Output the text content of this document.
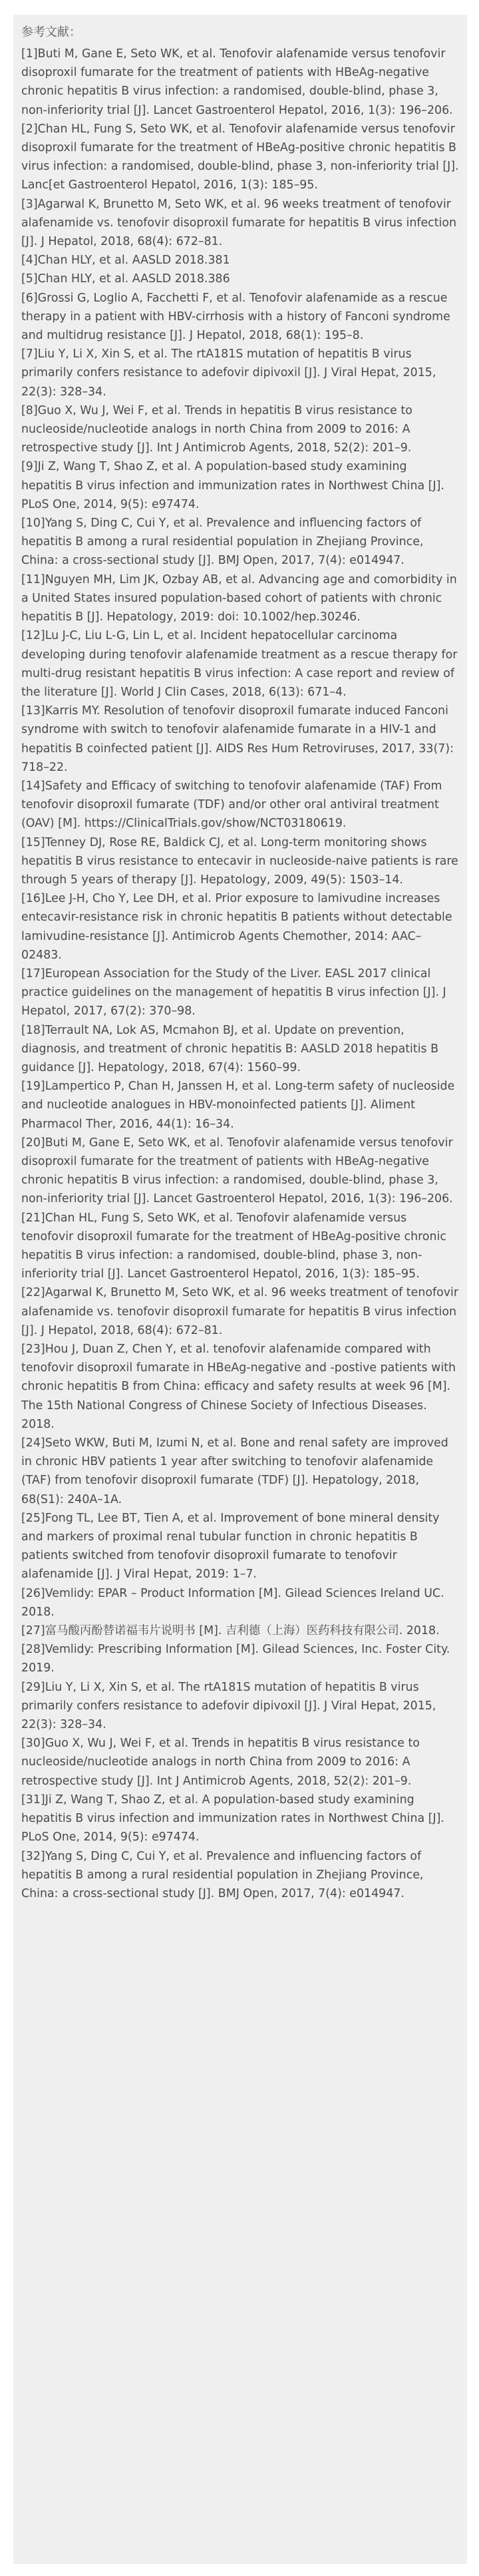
参考文献：
[1]Buti M, Gane E, Seto WK, et al. Tenofovir alafenamide versus tenofovir disoproxil fumarate for the treatment of patients with HBeAg-negative chronic hepatitis B virus infection: a randomised, double-blind, phase 3, non-inferiority trial [J]. Lancet Gastroenterol Hepatol, 2016, 1(3): 196–206.
[2]Chan HL, Fung S, Seto WK, et al. Tenofovir alafenamide versus tenofovir disoproxil fumarate for the treatment of HBeAg-positive chronic hepatitis B virus infection: a randomised, double-blind, phase 3, non-inferiority trial [J]. Lanc[et Gastroenterol Hepatol, 2016, 1(3): 185–95.
[3]Agarwal K, Brunetto M, Seto WK, et al. 96 weeks treatment of tenofovir alafenamide vs. tenofovir disoproxil fumarate for hepatitis B virus infection [J]. J Hepatol, 2018, 68(4): 672–81.
[4]Chan HLY, et al. AASLD 2018.381
[5]Chan HLY, et al. AASLD 2018.386
[6]Grossi G, Loglio A, Facchetti F, et al. Tenofovir alafenamide as a rescue therapy in a patient with HBV-cirrhosis with a history of Fanconi syndrome and multidrug resistance [J]. J Hepatol, 2018, 68(1): 195–8.
[7]Liu Y, Li X, Xin S, et al. The rtA181S mutation of hepatitis B virus primarily confers resistance to adefovir dipivoxil [J]. J Viral Hepat, 2015, 22(3): 328–34.
[8]Guo X, Wu J, Wei F, et al. Trends in hepatitis B virus resistance to nucleoside/nucleotide analogs in north China from 2009 to 2016: A retrospective study [J]. Int J Antimicrob Agents, 2018, 52(2): 201–9.
[9]Ji Z, Wang T, Shao Z, et al. A population-based study examining hepatitis B virus infection and immunization rates in Northwest China [J]. PLoS One, 2014, 9(5): e97474.
[10]Yang S, Ding C, Cui Y, et al. Prevalence and influencing factors of hepatitis B among a rural residential population in Zhejiang Province, China: a cross-sectional study [J]. BMJ Open, 2017, 7(4): e014947.
[11]Nguyen MH, Lim JK, Ozbay AB, et al. Advancing age and comorbidity in a United States insured population-based cohort of patients with chronic hepatitis B [J]. Hepatology, 2019: doi: 10.1002/hep.30246.
[12]Lu J-C, Liu L-G, Lin L, et al. Incident hepatocellular carcinoma developing during tenofovir alafenamide treatment as a rescue therapy for multi-drug resistant hepatitis B virus infection: A case report and review of the literature [J]. World J Clin Cases, 2018, 6(13): 671–4.
[13]Karris MY. Resolution of tenofovir disoproxil fumarate induced Fanconi syndrome with switch to tenofovir alafenamide fumarate in a HIV-1 and hepatitis B coinfected patient [J]. AIDS Res Hum Retroviruses, 2017, 33(7): 718–22.
[14]Safety and Efficacy of switching to tenofovir alafenamide (TAF) From tenofovir disoproxil fumarate (TDF) and/or other oral antiviral treatment (OAV) [M]. https://ClinicalTrials.gov/show/NCT03180619.
[15]Tenney DJ, Rose RE, Baldick CJ, et al. Long-term monitoring shows hepatitis B virus resistance to entecavir in nucleoside-naive patients is rare through 5 years of therapy [J]. Hepatology, 2009, 49(5): 1503–14.
[16]Lee J-H, Cho Y, Lee DH, et al. Prior exposure to lamivudine increases entecavir-resistance risk in chronic hepatitis B patients without detectable lamivudine-resistance [J]. Antimicrob Agents Chemother, 2014: AAC–02483.
[17]European Association for the Study of the Liver. EASL 2017 clinical practice guidelines on the management of hepatitis B virus infection [J]. J Hepatol, 2017, 67(2): 370–98.
[18]Terrault NA, Lok AS, Mcmahon BJ, et al. Update on prevention, diagnosis, and treatment of chronic hepatitis B: AASLD 2018 hepatitis B guidance [J]. Hepatology, 2018, 67(4): 1560–99.
[19]Lampertico P, Chan H, Janssen H, et al. Long-term safety of nucleoside and nucleotide analogues in HBV-monoinfected patients [J]. Aliment Pharmacol Ther, 2016, 44(1): 16–34.
[20]Buti M, Gane E, Seto WK, et al. Tenofovir alafenamide versus tenofovir disoproxil fumarate for the treatment of patients with HBeAg-negative chronic hepatitis B virus infection: a randomised, double-blind, phase 3, non-inferiority trial [J]. Lancet Gastroenterol Hepatol, 2016, 1(3): 196–206.
[21]Chan HL, Fung S, Seto WK, et al. Tenofovir alafenamide versus tenofovir disoproxil fumarate for the treatment of HBeAg-positive chronic hepatitis B virus infection: a randomised, double-blind, phase 3, non-inferiority trial [J]. Lancet Gastroenterol Hepatol, 2016, 1(3): 185–95.
[22]Agarwal K, Brunetto M, Seto WK, et al. 96 weeks treatment of tenofovir alafenamide vs. tenofovir disoproxil fumarate for hepatitis B virus infection [J]. J Hepatol, 2018, 68(4): 672–81.
[23]Hou J, Duan Z, Chen Y, et al. tenofovir alafenamide compared with tenofovir disoproxil fumarate in HBeAg-negative and -postive patients with chronic hepatitis B from China: efficacy and safety results at week 96 [M]. The 15th National Congress of Chinese Society of Infectious Diseases. 2018.
[24]Seto WKW, Buti M, Izumi N, et al. Bone and renal safety are improved in chronic HBV patients 1 year after switching to tenofovir alafenamide (TAF) from tenofovir disoproxil fumarate (TDF) [J]. Hepatology, 2018, 68(S1): 240A–1A.
[25]Fong TL, Lee BT, Tien A, et al. Improvement of bone mineral density and markers of proximal renal tubular function in chronic hepatitis B patients switched from tenofovir disoproxil fumarate to tenofovir alafenamide [J]. J Viral Hepat, 2019: 1–7.
[26]Vemlidy: EPAR – Product Information [M]. Gilead Sciences Ireland UC. 2018.
[27]富马酸丙酚替诺福韦片说明书 [M]. 吉利德（上海）医药科技有限公司. 2018.
[28]Vemlidy: Prescribing Information [M]. Gilead Sciences, Inc. Foster City. 2019.
[29]Liu Y, Li X, Xin S, et al. The rtA181S mutation of hepatitis B virus primarily confers resistance to adefovir dipivoxil [J]. J Viral Hepat, 2015, 22(3): 328–34.
[30]Guo X, Wu J, Wei F, et al. Trends in hepatitis B virus resistance to nucleoside/nucleotide analogs in north China from 2009 to 2016: A retrospective study [J]. Int J Antimicrob Agents, 2018, 52(2): 201–9.
[31]Ji Z, Wang T, Shao Z, et al. A population-based study examining hepatitis B virus infection and immunization rates in Northwest China [J]. PLoS One, 2014, 9(5): e97474.
[32]Yang S, Ding C, Cui Y, et al. Prevalence and influencing factors of hepatitis B among a rural residential population in Zhejiang Province, China: a cross-sectional study [J]. BMJ Open, 2017, 7(4): e014947.
